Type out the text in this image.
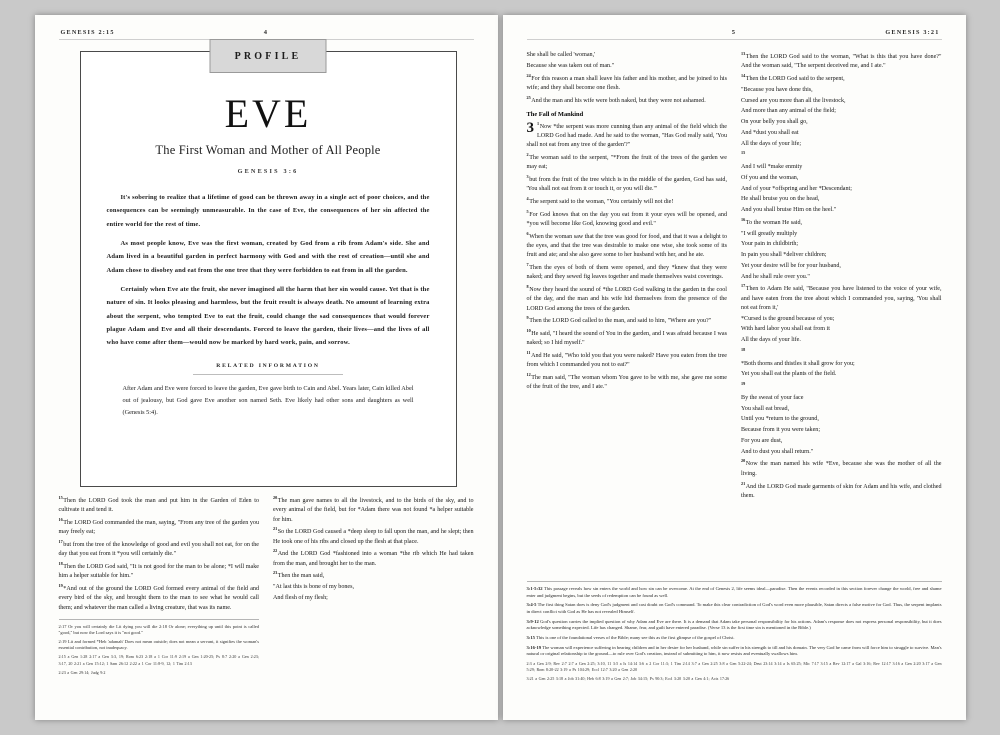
GENESIS 2:15	4
PROFILE
EVE
The First Woman and Mother of All People
GENESIS 3:6

It's sobering to realize that a lifetime of good can be thrown away in a single act of poor choices, and the consequences can be seemingly unmeasurable. In the case of Eve, the consequences of her sin affected the entire world for the rest of time.

As most people know, Eve was the first woman, created by God from a rib from Adam's side. She and Adam lived in a beautiful garden in perfect harmony with God and with the rest of creation—until she and Adam chose to disobey and eat from the one tree that they were forbidden to eat from in all the garden.

Certainly when Eve ate the fruit, she never imagined all the harm that her sin would cause. Yet that is the nature of sin. It looks pleasing and harmless, but the fruit result is always death. No amount of learning extra about the serpent, who tempted Eve to eat the fruit, could change the sad consequences that would forever plague Adam and Eve and all their descendants. Forced to leave the garden, their lives—and the lives of all who have come after them—would now be marked by hard work, pain, and sorrow.

RELATED INFORMATION
After Adam and Eve were forced to leave the garden, Eve gave birth to Cain and Abel. Years later, Cain killed Abel out of jealousy, but God gave Eve another son named Seth. Eve likely had other sons and daughters as well (Genesis 5:4).

$^{15}$Then the LORD God took the man and put him in the Garden of Eden to cultivate it and tend it.

$^{16}$The LORD God commanded the man, saying, "From any tree of the garden you may freely eat;

$^{17}$but from the tree of the knowledge of good and evil you shall not eat, for on the day that you eat from it *you will certainly die."

$^{18}$Then the LORD God said, "It is not good for the man to be alone; *I will make him a helper suitable for him."

$^{19}$*And out of the ground the LORD God formed every animal of the field and every bird of the sky, and brought them to the man to see what he would call them; and whatever the man called a living creature, that was its name.

2:17 Or you will certainly die Lit dying you will die 2:18 Or alone; everything up until this point is called "good," but now the Lord says it is "not good."
2:19 Lit and formed *Heb 'adamah' Does not mean outside; does not mean a servant, it signifies the woman's essential contribution, not inadequacy.
2:15 a Gen 1:28 2:17 a Gen 3:3, 19; Rom 6:23 2:18 a 1 Cor 11:9 2:19 a Gen 1:20-25; Ps 8:7 2:20 a Gen 2:23; 3:17, 20 2:21 a Gen 15:12; 1 Sam 26:12 2:22 a 1 Cor 11:8-9, 12; 1 Tim 2:13
2:23 a Gen 29:14; Judg 9:2

$^{20}$The man gave names to all the livestock, and to the birds of the sky, and to every animal of the field, but for *Adam there was not found *a helper suitable for him.

$^{21}$So the LORD God caused a *deep sleep to fall upon the man, and he slept; then He took one of his ribs and closed up the flesh at that place.

$^{22}$And the LORD God *fashioned into a woman *the rib which He had taken from the man, and brought her to the man.

$^{23}$Then the man said,

"At last this is bone of my bones,

And flesh of my flesh;

5	GENESIS 3:21

She shall be called 'woman,'

Because she was taken out of man."

$^{24}$For this reason a man shall leave his father and his mother, and be joined to his wife; and they shall become one flesh.

$^{25}$And the man and his wife were both naked, but they were not ashamed.

The Fall of Mankind

3 $^1$Now *the serpent was more cunning than any animal of the field which the LORD God had made. And he said to the woman, "Has God really said, 'You shall not eat from any tree of the garden'?"

$^2$The woman said to the serpent, "*From the fruit of the trees of the garden we may eat;

$^3$but from the fruit of the tree which is in the middle of the garden, God has said, 'You shall not eat from it or touch it, or you will die.'"

$^4$The serpent said to the woman, "You certainly will not die!

$^5$For God knows that on the day you eat from it your eyes will be opened, and *you will become like God, knowing good and evil."

$^6$When the woman saw that the tree was good for food, and that it was a delight to the eyes, and that the tree was desirable to make one wise, she took some of its fruit and ate; and she also gave some to her husband with her, and he ate.

$^7$Then the eyes of both of them were opened, and they *knew that they were naked; and they sewed fig leaves together and made themselves waist coverings.

$^8$Now they heard the sound of *the LORD God walking in the garden in the cool of the day, and the man and his wife hid themselves from the presence of the LORD God among the trees of the garden.

$^9$Then the LORD God called to the man, and said to him, "Where are you?"

$^{10}$He said, "I heard the sound of You in the garden, and I was afraid because I was naked; so I hid myself."

$^{11}$And He said, "Who told you that you were naked? Have you eaten from the tree from which I commanded you not to eat?"

$^{12}$The man said, "The woman whom You gave to be with me, she gave me some of the fruit of the tree, and I ate."

$^{13}$Then the LORD God said to the woman, "What is this that you have done?" And the woman said, "The serpent deceived me, and I ate."

$^{14}$Then the LORD God said to the serpent,

"Because you have done this,

Cursed are you more than all the livestock,

And more than any animal of the field;

On your belly you shall go,

And *dust you shall eat

All the days of your life;

$^{15}$

And I will *make enmity

Of you and the woman,

And of your *offspring and her *Descendant;

He shall bruise you on the head,

And you shall bruise Him on the heel."

$^{16}$To the woman He said,

"I will greatly multiply

Your pain in childbirth;

In pain you shall *deliver children;

Yet your desire will be for your husband,

And he shall rule over you."

$^{17}$Then to Adam He said, "Because you have listened to the voice of your wife, and have eaten from the tree about which I commanded you, saying, 'You shall not eat from it,'

*Cursed is the ground because of you;

With hard labor you shall eat from it

All the days of your life.

$^{18}$

*Both thorns and thistles it shall grow for you;

Yet you shall eat the plants of the field.

$^{19}$

By the sweat of your face

You shall eat bread,

Until you *return to the ground,

Because from it you were taken;

For you are dust,

And to dust you shall return."

$^{20}$Now the man named his wife *Eve, because she was the mother of all the living.

$^{21}$And the LORD God made garments of skin for Adam and his wife, and clothed them.

3:1-5:32 This passage reveals how sin enters the world and how sin can be overcome. At the end of Genesis 2, life seems ideal—paradise. Then the events recorded in this section forever change the world, free and shame enter and judgment begins, but the seeds of redemption can be found as well.
3:4-5 The first thing Satan does is deny God's judgment and cast doubt on God's command. To make this clear contradiction of God's word even more plausible, Satan directs a false motive for God. Thus, the serpent implants in direct conflict with God as He has not revealed Himself.
3:9-12 God's question carries the implied question of why Adam and Eve are there. It is a demand that Adam take personal responsibility for his actions. Adam's response does not express personal responsibility, but it does acknowledge something expected. Life has changed. Shame, fear, and guilt have entered paradise. (Verse 13 is the first time sin is mentioned in the Bible.)
3:15 This is one of the foundational verses of the Bible; many see this as the first glimpse of the gospel of Christ.
3:16-19 The woman will experience suffering in bearing children and in her desire for her husband, while sin suffer in his strength to till and his domain. The very God he came from will force him to struggle to survive. Man's natural or original relationship to the ground—to rule over God's creation, instead of submitting to him, it now resists and eventually swallows him.
2:3 a Gen 2:9; Rev 2:7 2:7 a Gen 2:25; 3:10, 11 3:5 a Is 14:14 3:6 a 2 Cor 11:3; 1 Tim 2:14 3:7 a Gen 2:25 3:8 a Gen 5:22-24; Deut 23:14 3:14 a Is 65:25; Mic 7:17 3:15 a Rev 12:17 a Gal 3:16; Rev 12:17 3:16 a Gen 2:20 3:17 a Gen 5:29; Rom 8:20-22 3:19 a Ps 104:29; Eccl 12:7 3:20 a Gen 2:20
3:21 a Gen 2:25 3:18 a Job 31:40; Heb 6:8 3:19 a Gen 2:7; Job 34:15; Ps 90:3; Eccl 3:20 3:20 a Gen 4:1; Acts 17:26
